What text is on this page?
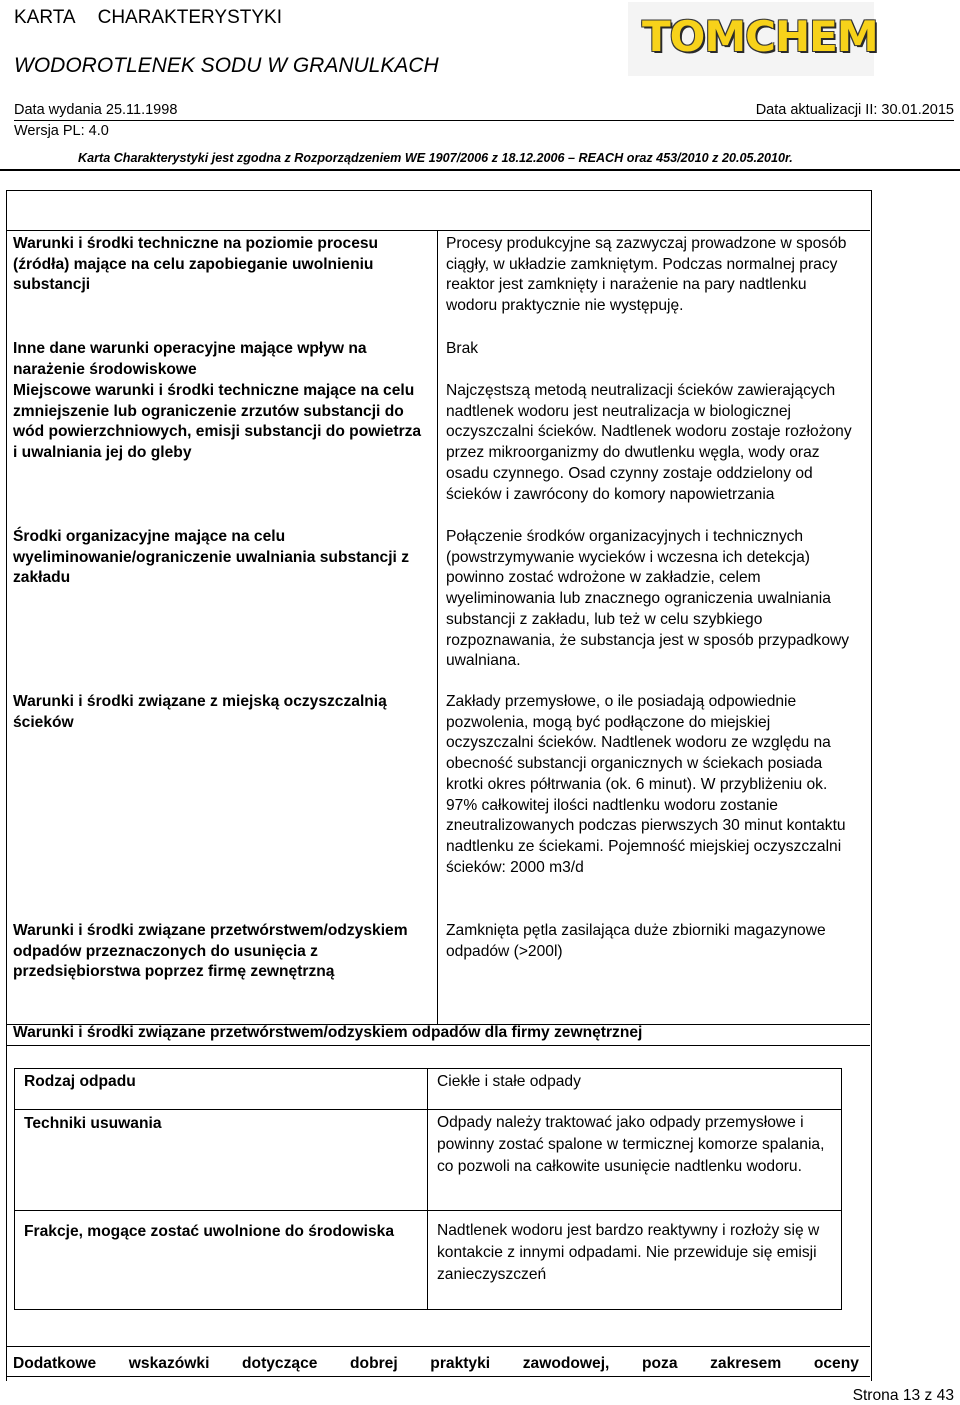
KARTA CHARAKTERYSTYKI
WODOROTLENEK SODU W GRANULKACH
TOMCHEM
Data wydania 25.11.1998	Data aktualizacji II: 30.01.2015
Wersja PL: 4.0
Karta Charakterystyki jest zgodna z Rozporządzeniem WE 1907/2006 z 18.12.2006 – REACH oraz 453/2010 z 20.05.2010r.
Warunki i środki techniczne na poziomie procesu (źródła) mające na celu zapobieganie uwolnieniu substancji
Procesy produkcyjne są zazwyczaj prowadzone w sposób ciągły, w układzie zamkniętym. Podczas normalnej pracy reaktor jest zamknięty i narażenie na pary nadtlenku wodoru praktycznie nie występuję.
Inne dane warunki operacyjne mające wpływ na narażenie środowiskowe
Brak
Miejscowe warunki i środki techniczne mające na celu zmniejszenie lub ograniczenie zrzutów substancji do wód powierzchniowych, emisji substancji do powietrza i uwalniania jej do gleby
Najczęstszą metodą neutralizacji ścieków zawierających nadtlenek wodoru jest neutralizacja w biologicznej oczyszczalni ścieków. Nadtlenek wodoru zostaje rozłożony przez mikroorganizmy do dwutlenku węgla, wody oraz osadu czynnego. Osad czynny zostaje oddzielony od ścieków i zawrócony do komory napowietrzania
Środki organizacyjne mające na celu wyeliminowanie/ograniczenie uwalniania substancji z zakładu
Połączenie środków organizacyjnych i technicznych (powstrzymywanie wycieków i wczesna ich detekcja) powinno zostać wdrożone w zakładzie, celem wyeliminowania lub znacznego ograniczenia uwalniania substancji z zakładu, lub też w celu szybkiego rozpoznawania, że substancja jest w sposób przypadkowy uwalniana.
Warunki i środki związane z miejską oczyszczalnią ścieków
Zakłady przemysłowe, o ile posiadają odpowiednie pozwolenia, mogą być podłączone do miejskiej oczyszczalni ścieków. Nadtlenek wodoru ze względu na obecność substancji organicznych w ściekach posiada krotki okres półtrwania (ok. 6 minut). W przybliżeniu ok. 97% całkowitej ilości nadtlenku wodoru zostanie zneutralizowanych podczas pierwszych 30 minut kontaktu nadtlenku ze ściekami. Pojemność miejskiej oczyszczalni ścieków: 2000 m3/d
Warunki i środki związane przetwórstwem/odzyskiem odpadów przeznaczonych do usunięcia z przedsiębiorstwa poprzez firmę zewnętrzną
Zamknięta pętla zasilająca duże zbiorniki magazynowe odpadów (>200l)
Warunki i środki związane przetwórstwem/odzyskiem odpadów dla firmy zewnętrznej
Rodzaj odpadu	Ciekłe i stałe odpady
Techniki usuwania	Odpady należy traktować jako odpady przemysłowe i powinny zostać spalone w termicznej komorze spalania, co pozwoli na całkowite usunięcie nadtlenku wodoru.
Frakcje, mogące zostać uwolnione do środowiska	Nadtlenek wodoru jest bardzo reaktywny i rozłoży się w kontakcie z innymi odpadami. Nie przewiduje się emisji zanieczyszczeń
Dodatkowe wskazówki dotyczące dobrej praktyki zawodowej, poza zakresem oceny
Strona 13 z 43
